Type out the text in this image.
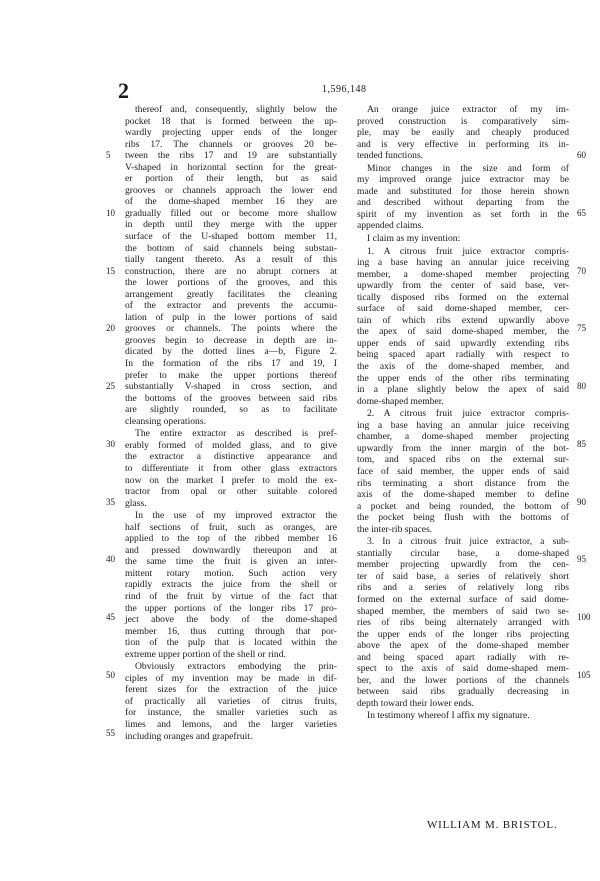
2	1,596,148
5
10
15
20
25
30
35
40
45
50
55

thereof and, consequently, slightly below the
pocket 18 that is formed between the up-
wardly projecting upper ends of the longer
ribs 17. The channels or grooves 20 be-
tween the ribs 17 and 19 are substantially
V-shaped in horizontal section for the great-
er portion of their length, but as said
grooves or channels approach the lower end
of the dome-shaped member 16 they are
gradually filled out or become more shallow
in depth until they merge with the upper
surface of the U-shaped bottom member 11,
the bottom of said channels being substan-
tially tangent thereto. As a result of this
construction, there are no abrupt corners at
the lower portions of the grooves, and this
arrangement greatly facilitates the cleaning
of the extractor and prevents the accumu-
lation of pulp in the lower portions of said
grooves or channels. The points where the
grooves begin to decrease in depth are in-
dicated by the dotted lines a—b, Figure 2.
In the formation of the ribs 17 and 19, I
prefer to make the upper portions thereof
substantially V-shaped in cross section, and
the bottoms of the grooves between said ribs
are slightly rounded, so as to facilitate
cleansing operations.

The entire extractor as described is pref-
erably formed of molded glass, and to give
the extractor a distinctive appearance and
to differentiate it from other glass extractors
now on the market I prefer to mold the ex-
tractor from opal or other suitable colored
glass.

In the use of my improved extractor the
half sections of fruit, such as oranges, are
applied to the top of the ribbed member 16
and pressed downwardly thereupon and at
the same time the fruit is given an inter-
mittent rotary motion. Such action very
rapidly extracts the juice from the shell or
rind of the fruit by virtue of the fact that
the upper portions of the longer ribs 17 pro-
ject above the body of the dome-shaped
member 16, thus cutting through that por-
tion of the pulp that is located within the
extreme upper portion of the shell or rind.

Obviously extractors embodying the prin-
ciples of my invention may be made in dif-
ferent sizes for the extraction of the juice
of practically all varieties of citrus fruits,
for instance, the smaller varieties such as
limes and lemons, and the larger varieties
including oranges and grapefruit.

An orange juice extractor of my im-
proved construction is comparatively sim-
ple, may be easily and cheaply produced
and is very effective in performing its in-
tended functions.

Minor changes in the size and form of
my improved orange juice extractor may be
made and substituted for those herein shown
and described without departing from the
spirit of my invention as set forth in the
appended claims.

I claim as my invention:

1. A citrous fruit juice extractor compris-
ing a base having an annular juice receiving
member, a dome-shaped member projecting
upwardly from the center of said base, ver-
tically disposed ribs formed on the external
surface of said dome-shaped member, cer-
tain of which ribs extend upwardly above
the apex of said dome-shaped member, the
upper ends of said upwardly extending ribs
being spaced apart radially with respect to
the axis of the dome-shaped member, and
the upper ends of the other ribs terminating
in a plane slightly below the apex of said
dome-shaped member.

2. A citrous fruit juice extractor compris-
ing a base having an annular juice receiving
chamber, a dome-shaped member projecting
upwardly from the inner margin of the bot-
tom, and spaced ribs on the external sur-
face of said member, the upper ends of said
ribs terminating a short distance from the
axis of the dome-shaped member to define
a pocket and being rounded, the bottom of
the pocket being flush with the bottoms of
the inter-rib spaces.

3. In a citrous fruit juice extractor, a sub-
stantially circular base, a dome-shaped
member projecting upwardly from the cen-
ter of said base, a series of relatively short
ribs and a series of relatively long ribs
formed on the external surface of said dome-
shaped member, the members of said two se-
ries of ribs being alternately arranged with
the upper ends of the longer ribs projecting
above the apex of the dome-shaped member
and being spaced apart radially with re-
spect to the axis of said dome-shaped mem-
ber, and the lower portions of the channels
between said ribs gradually decreasing in
depth toward their lower ends.

In testimony whereof I affix my signature.

60
65
70
75
80
85
90
95
100
105
WILLIAM M. BRISTOL.
